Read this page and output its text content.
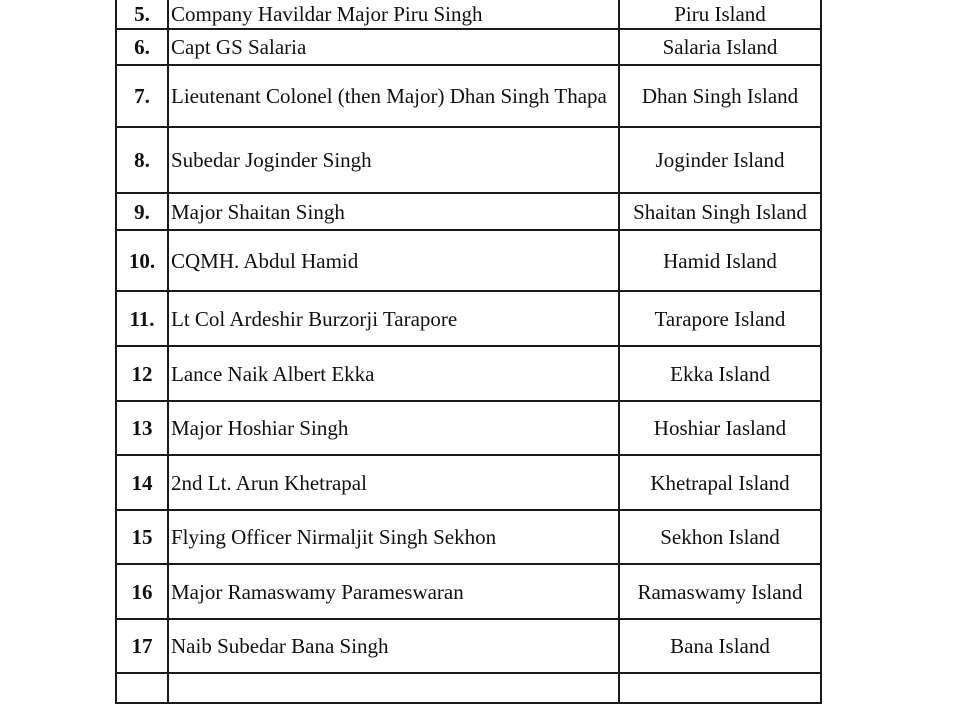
5.	Company Havildar Major Piru Singh	Piru Island
6.	Capt GS Salaria	Salaria Island
7.	Lieutenant Colonel (then Major) Dhan Singh Thapa	Dhan Singh Island
8.	Subedar Joginder Singh	Joginder Island
9.	Major Shaitan Singh	Shaitan Singh Island
10.	CQMH. Abdul Hamid	Hamid Island
11.	Lt Col Ardeshir Burzorji Tarapore	Tarapore Island
12	Lance Naik Albert Ekka	Ekka Island
13	Major Hoshiar Singh	Hoshiar Iasland
14	2nd Lt. Arun Khetrapal	Khetrapal Island
15	Flying Officer Nirmaljit Singh Sekhon	Sekhon Island
16	Major Ramaswamy Parameswaran	Ramaswamy Island
17	Naib Subedar Bana Singh	Bana Island
